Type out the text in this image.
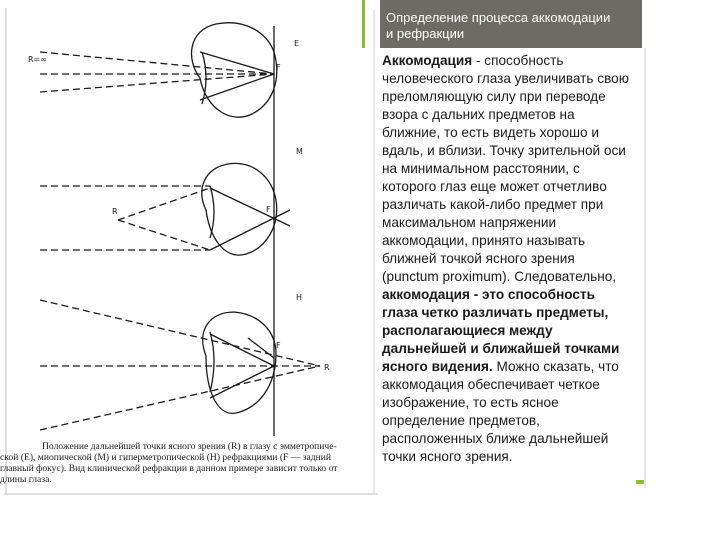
Определение процесса аккомодации
и рефракции
R=∞
E
F
M
F
R
H
F
R
Положение дальнейшей точки ясного зрения (R) в глазу с эмметропиче-
ской (Е), миопической (М) и гиперметропической (Н) рефракциями (F — задний
главный фокус). Вид клинической рефракции в данном примере зависит только от
длины глаза.
Аккомодация - способность
человеческого глаза увеличивать свою
преломляющую силу при переводе
взора с дальних предметов на
ближние, то есть видеть хорошо и
вдаль, и вблизи. Точку зрительной оси
на минимальном расстоянии, с
которого глаз еще может отчетливо
различать какой-либо предмет при
максимальном напряжении
аккомодации, принято называть
ближней точкой ясного зрения
(punctum proximum). Следовательно,
аккомодация - это способность
глаза четко различать предметы,
располагающиеся между
дальнейшей и ближайшей точками
ясного видения. Можно сказать, что
аккомодация обеспечивает четкое
изображение, то есть ясное
определение предметов,
расположенных ближе дальнейшей
точки ясного зрения.
